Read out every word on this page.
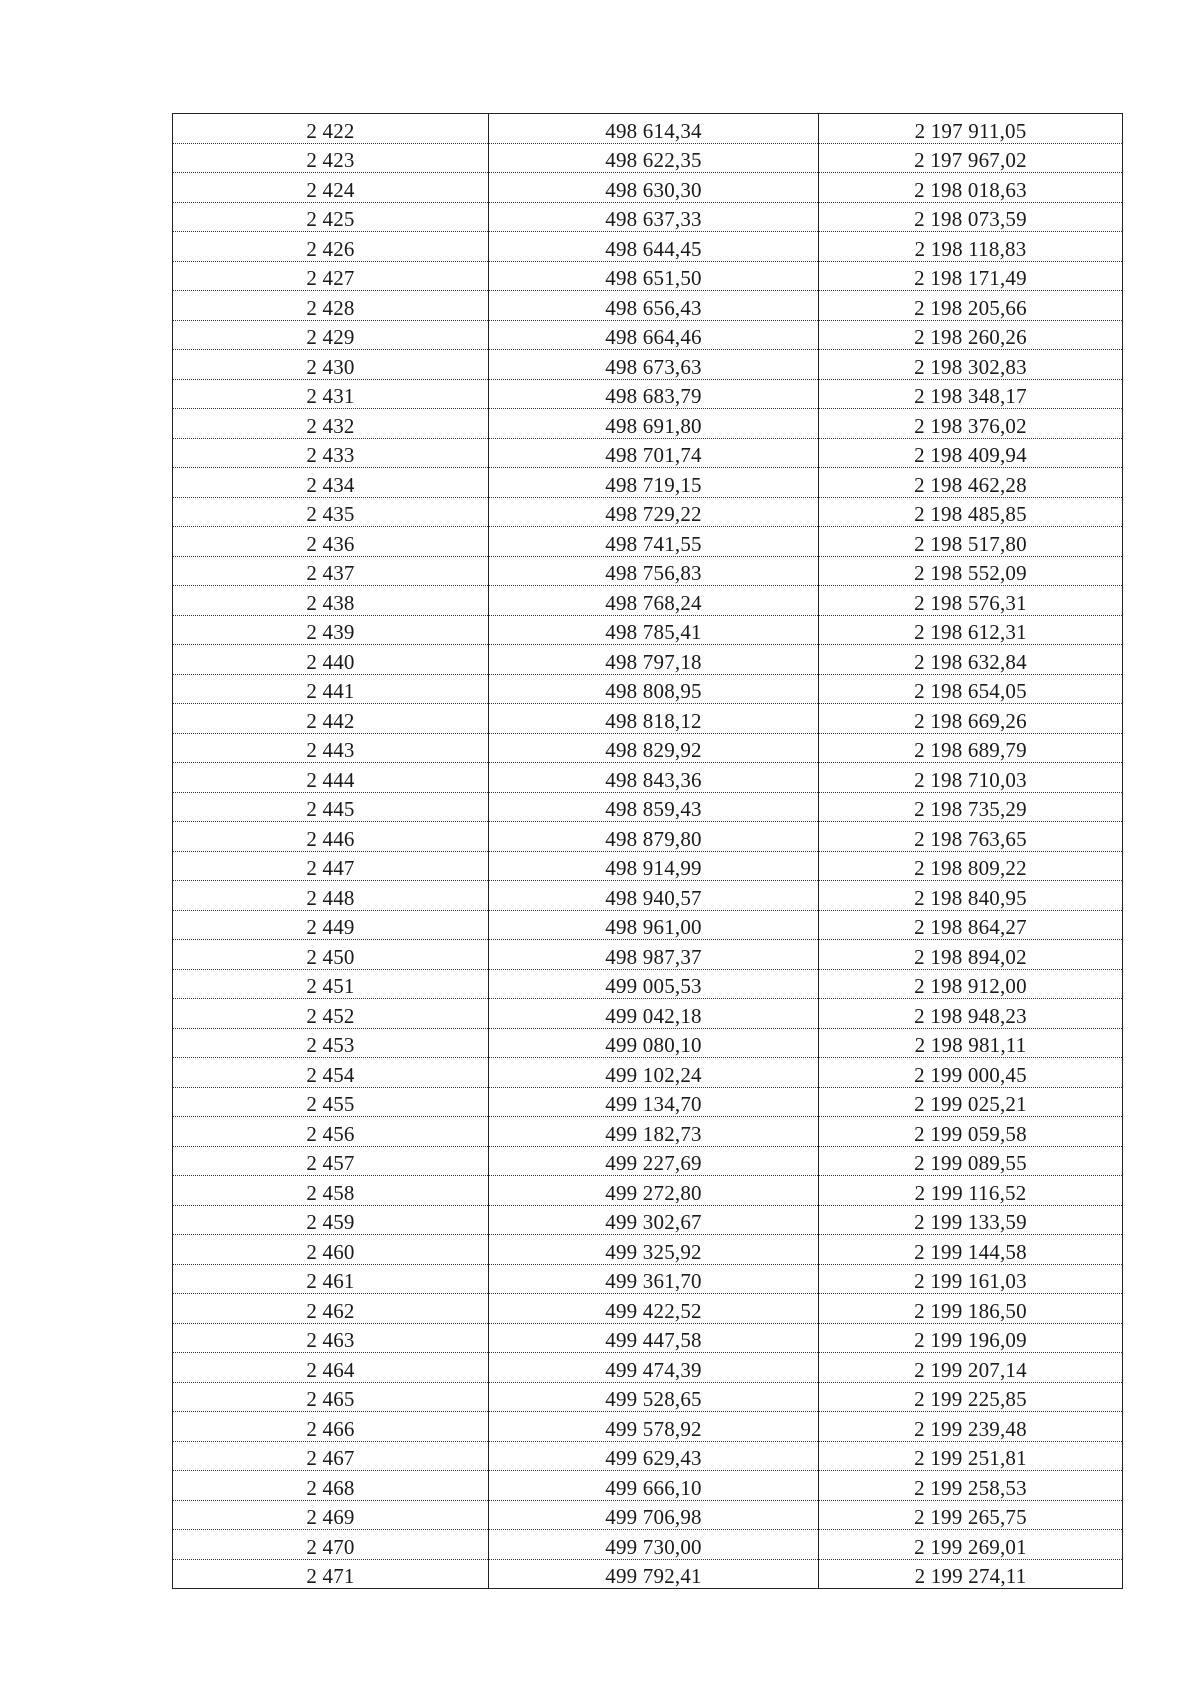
2 422	498 614,34	2 197 911,05
2 423	498 622,35	2 197 967,02
2 424	498 630,30	2 198 018,63
2 425	498 637,33	2 198 073,59
2 426	498 644,45	2 198 118,83
2 427	498 651,50	2 198 171,49
2 428	498 656,43	2 198 205,66
2 429	498 664,46	2 198 260,26
2 430	498 673,63	2 198 302,83
2 431	498 683,79	2 198 348,17
2 432	498 691,80	2 198 376,02
2 433	498 701,74	2 198 409,94
2 434	498 719,15	2 198 462,28
2 435	498 729,22	2 198 485,85
2 436	498 741,55	2 198 517,80
2 437	498 756,83	2 198 552,09
2 438	498 768,24	2 198 576,31
2 439	498 785,41	2 198 612,31
2 440	498 797,18	2 198 632,84
2 441	498 808,95	2 198 654,05
2 442	498 818,12	2 198 669,26
2 443	498 829,92	2 198 689,79
2 444	498 843,36	2 198 710,03
2 445	498 859,43	2 198 735,29
2 446	498 879,80	2 198 763,65
2 447	498 914,99	2 198 809,22
2 448	498 940,57	2 198 840,95
2 449	498 961,00	2 198 864,27
2 450	498 987,37	2 198 894,02
2 451	499 005,53	2 198 912,00
2 452	499 042,18	2 198 948,23
2 453	499 080,10	2 198 981,11
2 454	499 102,24	2 199 000,45
2 455	499 134,70	2 199 025,21
2 456	499 182,73	2 199 059,58
2 457	499 227,69	2 199 089,55
2 458	499 272,80	2 199 116,52
2 459	499 302,67	2 199 133,59
2 460	499 325,92	2 199 144,58
2 461	499 361,70	2 199 161,03
2 462	499 422,52	2 199 186,50
2 463	499 447,58	2 199 196,09
2 464	499 474,39	2 199 207,14
2 465	499 528,65	2 199 225,85
2 466	499 578,92	2 199 239,48
2 467	499 629,43	2 199 251,81
2 468	499 666,10	2 199 258,53
2 469	499 706,98	2 199 265,75
2 470	499 730,00	2 199 269,01
2 471	499 792,41	2 199 274,11
